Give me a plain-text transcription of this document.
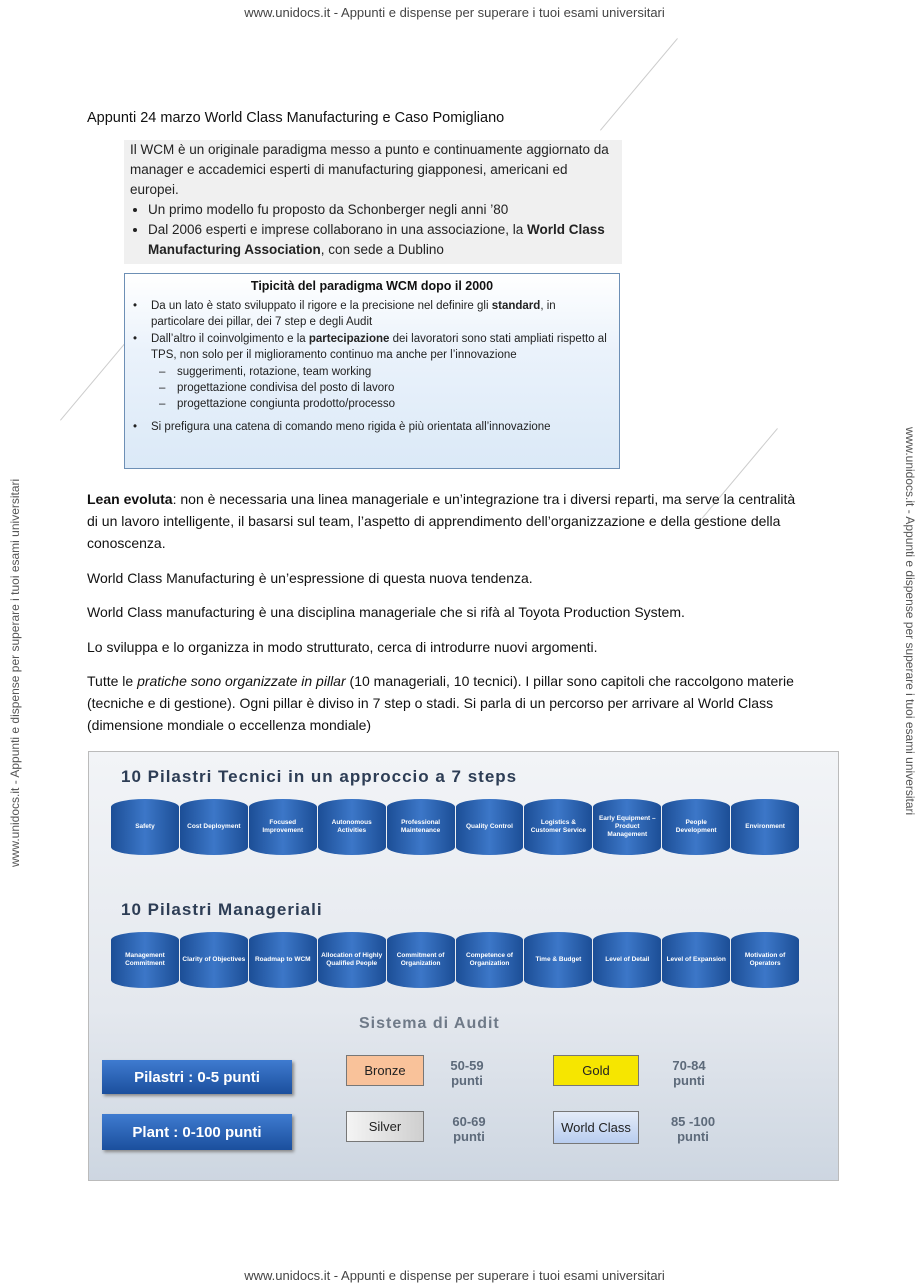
www.unidocs.it - Appunti e dispense per superare i tuoi esami universitari
www.unidocs.it - Appunti e dispense per superare i tuoi esami universitari
www.unidocs.it - Appunti e dispense per superare i tuoi esami universitari	www.unidocs.it - Appunti e dispense per superare i tuoi esami universitari
Appunti 24 marzo World Class Manufacturing e Caso Pomigliano

Il WCM è un originale paradigma messo a punto e continuamente aggiornato da manager e accademici esperti di manufacturing giapponesi, americani ed europei.

• Un primo modello fu proposto da Schonberger negli anni ’80
• Dal 2006 esperti e imprese collaborano in una associazione, la World Class Manufacturing Association, con sede a Dublino
Tipicità del paradigma WCM dopo il 2000
• Da un lato è stato sviluppato il rigore e la precisione nel definire gli standard, in particolare dei pillar, dei 7 step e degli Audit
• Dall’altro il coinvolgimento e la partecipazione dei lavoratori sono stati ampliati rispetto al TPS, non solo per il miglioramento continuo ma anche per l’innovazione
– suggerimenti, rotazione, team working
– progettazione condivisa del posto di lavoro
– progettazione congiunta prodotto/processo
• Si prefigura una catena di comando meno rigida è più orientata all’innovazione
Lean evoluta: non è necessaria una linea manageriale e un’integrazione tra i diversi reparti, ma serve la centralità di un lavoro intelligente, il basarsi sul team, l’aspetto di apprendimento dell’organizzazione e della gestione della conoscenza.
World Class Manufacturing è un’espressione di questa nuova tendenza.
World Class manufacturing è una disciplina manageriale che si rifà al Toyota Production System.
Lo sviluppa e lo organizza in modo strutturato, cerca di introdurre nuovi argomenti.
Tutte le pratiche sono organizzate in pillar (10 manageriali, 10 tecnici). I pillar sono capitoli che raccolgono materie (tecniche e di gestione). Ogni pillar è diviso in 7 step o stadi. Si parla di un percorso per arrivare al World Class (dimensione mondiale o eccellenza mondiale)
10 Pilastri Tecnici in un approccio a 7 steps
Safety	Cost Deployment
Focused Improvement
Autonomous Activities
Professional Maintenance
Quality Control
Logistics & Customer Service
Early Equipment – Product Management
People Development
Environment
10 Pilastri Manageriali
Management Commitment
Clarity of Objectives	Roadmap to WCM
Allocation of Highly Qualified People
Commitment of Organization
Competence of Organization
Time & Budget	Level of Detail	Level of Expansion
Motivation of Operators
Sistema di Audit
Pilastri : 0-5 punti
Plant : 0-100 punti
Bronze	50-59
punti
Silver	60-69
punti
Gold	70-84
punti
World Class	85 -100
punti
